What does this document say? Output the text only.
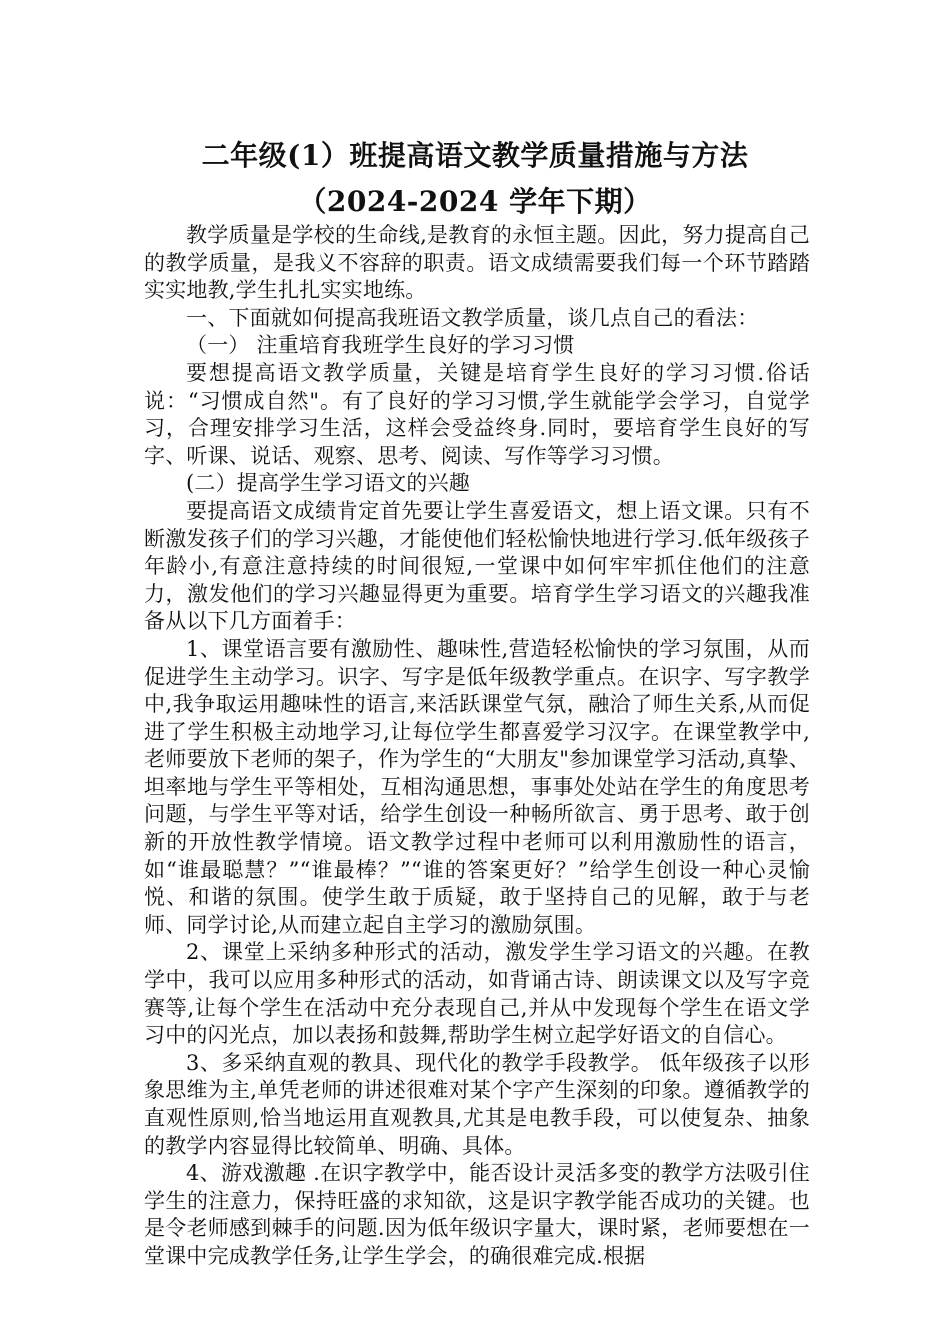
二年级(1）班提高语文教学质量措施与方法
（2024-2024 学年下期）

教学质量是学校的生命线,是教育的永恒主题。因此，努力提高自己的教学质量，是我义不容辞的职责。语文成绩需要我们每一个环节踏踏实实地教,学生扎扎实实地练。

一、下面就如何提高我班语文教学质量，谈几点自己的看法：

（一） 注重培育我班学生良好的学习习惯

要想提高语文教学质量，关键是培育学生良好的学习习惯.俗话说：“习惯成自然"。有了良好的学习习惯,学生就能学会学习，自觉学习，合理安排学习生活，这样会受益终身.同时，要培育学生良好的写字、听课、说话、观察、思考、阅读、写作等学习习惯。

(二）提高学生学习语文的兴趣

要提高语文成绩肯定首先要让学生喜爱语文，想上语文课。只有不断激发孩子们的学习兴趣，才能使他们轻松愉快地进行学习.低年级孩子年龄小,有意注意持续的时间很短,一堂课中如何牢牢抓住他们的注意力，激发他们的学习兴趣显得更为重要。培育学生学习语文的兴趣我准备从以下几方面着手：

1、课堂语言要有激励性、趣味性,营造轻松愉快的学习氛围，从而促进学生主动学习。识字、写字是低年级教学重点。在识字、写字教学中,我争取运用趣味性的语言,来活跃课堂气氛，融洽了师生关系,从而促进了学生积极主动地学习,让每位学生都喜爱学习汉字。在课堂教学中,老师要放下老师的架子，作为学生的“大朋友"参加课堂学习活动,真挚、坦率地与学生平等相处，互相沟通思想，事事处处站在学生的角度思考问题，与学生平等对话，给学生创设一种畅所欲言、勇于思考、敢于创新的开放性教学情境。语文教学过程中老师可以利用激励性的语言，如“谁最聪慧？”“谁最棒？”“谁的答案更好？”给学生创设一种心灵愉悦、和谐的氛围。使学生敢于质疑，敢于坚持自己的见解，敢于与老师、同学讨论,从而建立起自主学习的激励氛围。

2、课堂上采纳多种形式的活动，激发学生学习语文的兴趣。在教学中，我可以应用多种形式的活动，如背诵古诗、朗读课文以及写字竞赛等,让每个学生在活动中充分表现自己,并从中发现每个学生在语文学习中的闪光点，加以表扬和鼓舞,帮助学生树立起学好语文的自信心。

3、多采纳直观的教具、现代化的教学手段教学。 低年级孩子以形象思维为主,单凭老师的讲述很难对某个字产生深刻的印象。遵循教学的直观性原则,恰当地运用直观教具,尤其是电教手段，可以使复杂、抽象的教学内容显得比较简单、明确、具体。

4、游戏激趣 .在识字教学中，能否设计灵活多变的教学方法吸引住学生的注意力，保持旺盛的求知欲，这是识字教学能否成功的关键。也是令老师感到棘手的问题.因为低年级识字量大，课时紧，老师要想在一堂课中完成教学任务,让学生学会，的确很难完成.根据
